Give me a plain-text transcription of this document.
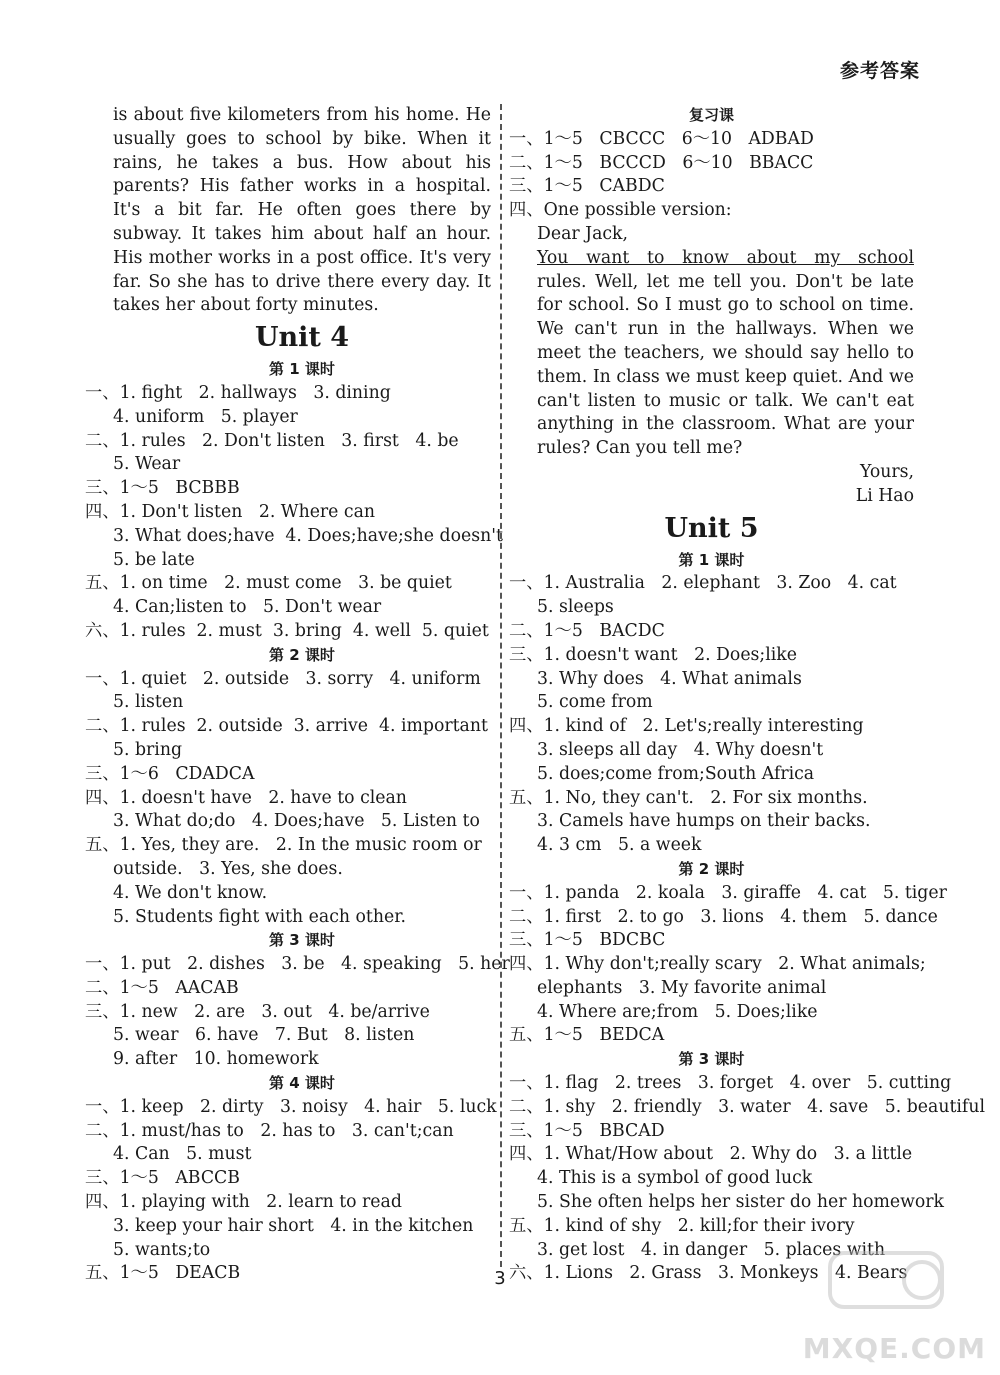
参考答案
is about five kilometers from his home. He
usually goes to school by bike. When it
rains, he takes a bus. How about his
parents? His father works in a hospital.
It's a bit far. He often goes there by
subway. It takes him about half an hour.
His mother works in a post office. It's very
far. So she has to drive there every day. It
takes her about forty minutes.
Unit 4
第 1 课时
一、1. fight   2. hallways   3. dining
4. uniform   5. player
二、1. rules   2. Don't listen   3. first   4. be
5. Wear
三、1～5   BCBBB
四、1. Don't listen   2. Where can
3. What does;have  4. Does;have;she doesn't
5. be late
五、1. on time   2. must come   3. be quiet
4. Can;listen to   5. Don't wear
六、1. rules  2. must  3. bring  4. well  5. quiet
第 2 课时
一、1. quiet   2. outside   3. sorry   4. uniform
5. listen
二、1. rules  2. outside  3. arrive  4. important
5. bring
三、1～6   CDADCA
四、1. doesn't have   2. have to clean
3. What do;do   4. Does;have   5. Listen to
五、1. Yes, they are.   2. In the music room or
outside.   3. Yes, she does.
4. We don't know.
5. Students fight with each other.
第 3 课时
一、1. put   2. dishes   3. be   4. speaking   5. her
二、1～5   AACAB
三、1. new   2. are   3. out   4. be/arrive
5. wear   6. have   7. But   8. listen
9. after   10. homework
第 4 课时
一、1. keep   2. dirty   3. noisy   4. hair   5. luck
二、1. must/has to   2. has to   3. can't;can
4. Can   5. must
三、1～5   ABCCB
四、1. playing with   2. learn to read
3. keep your hair short   4. in the kitchen
5. wants;to
五、1～5   DEACB
复习课
一、1～5   CBCCC   6～10   ADBAD
二、1～5   BCCCD   6～10   BBACC
三、1～5   CABDC
四、One possible version:
Dear Jack,
You want to know about my school
rules. Well, let me tell you. Don't be late
for school. So I must go to school on time.
We can't run in the hallways. When we
meet the teachers, we should say hello to
them. In class we must keep quiet. And we
can't listen to music or talk. We can't eat
anything in the classroom. What are your
rules? Can you tell me?
Yours,
Li Hao
Unit 5
第 1 课时
一、1. Australia   2. elephant   3. Zoo   4. cat
5. sleeps
二、1～5   BACDC
三、1. doesn't want   2. Does;like
3. Why does   4. What animals
5. come from
四、1. kind of   2. Let's;really interesting
3. sleeps all day   4. Why doesn't
5. does;come from;South Africa
五、1. No, they can't.   2. For six months.
3. Camels have humps on their backs.
4. 3 cm   5. a week
第 2 课时
一、1. panda   2. koala   3. giraffe   4. cat   5. tiger
二、1. first   2. to go   3. lions   4. them   5. dance
三、1～5   BDCBC
四、1. Why don't;really scary   2. What animals;
elephants   3. My favorite animal
4. Where are;from   5. Does;like
五、1～5   BEDCA
第 3 课时
一、1. flag   2. trees   3. forget   4. over   5. cutting
二、1. shy   2. friendly   3. water   4. save   5. beautiful
三、1～5   BBCAD
四、1. What/How about   2. Why do   3. a little
4. This is a symbol of good luck
5. She often helps her sister do her homework
五、1. kind of shy   2. kill;for their ivory
3. get lost   4. in danger   5. places with
六、1. Lions   2. Grass   3. Monkeys   4. Bears
3
MXQE.COM
